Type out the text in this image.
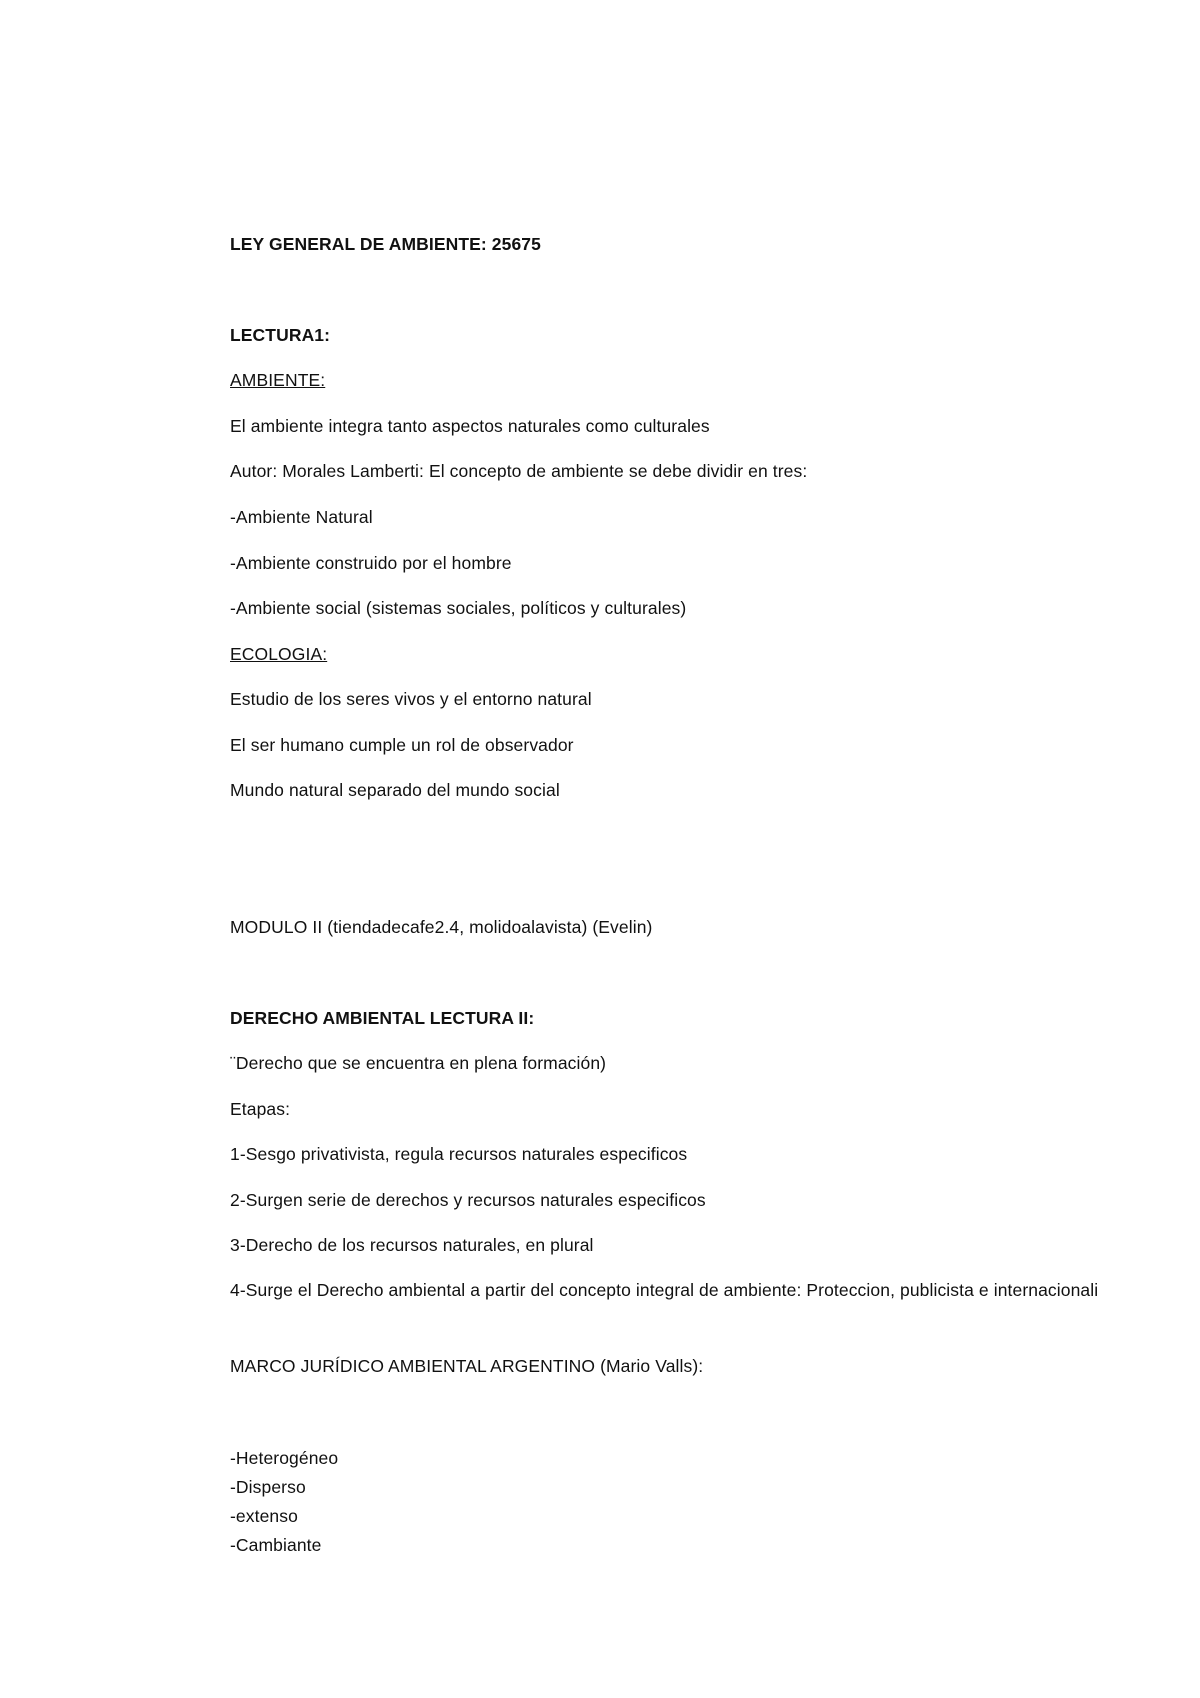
LEY GENERAL DE AMBIENTE: 25675
LECTURA1:
AMBIENTE:
El ambiente integra tanto aspectos naturales como culturales
Autor: Morales Lamberti: El concepto de ambiente se debe dividir en tres:
-Ambiente Natural
-Ambiente construido por el hombre
-Ambiente social (sistemas sociales, políticos y culturales)
ECOLOGIA:
Estudio de los seres vivos y el entorno natural
El ser humano cumple un rol de observador
Mundo natural separado del mundo social
MODULO II (tiendadecafe2.4, molidoalavista) (Evelin)
DERECHO AMBIENTAL LECTURA II:
¨Derecho que se encuentra en plena formación)
Etapas:
1-Sesgo privativista, regula recursos naturales especificos
2-Surgen serie de derechos y recursos naturales especificos
3-Derecho de los recursos naturales, en plural
4-Surge el Derecho ambiental a partir del concepto integral de ambiente: Proteccion, publicista e internacionali
MARCO JURÍDICO AMBIENTAL ARGENTINO (Mario Valls):
-Heterogéneo
-Disperso
-extenso
-Cambiante
